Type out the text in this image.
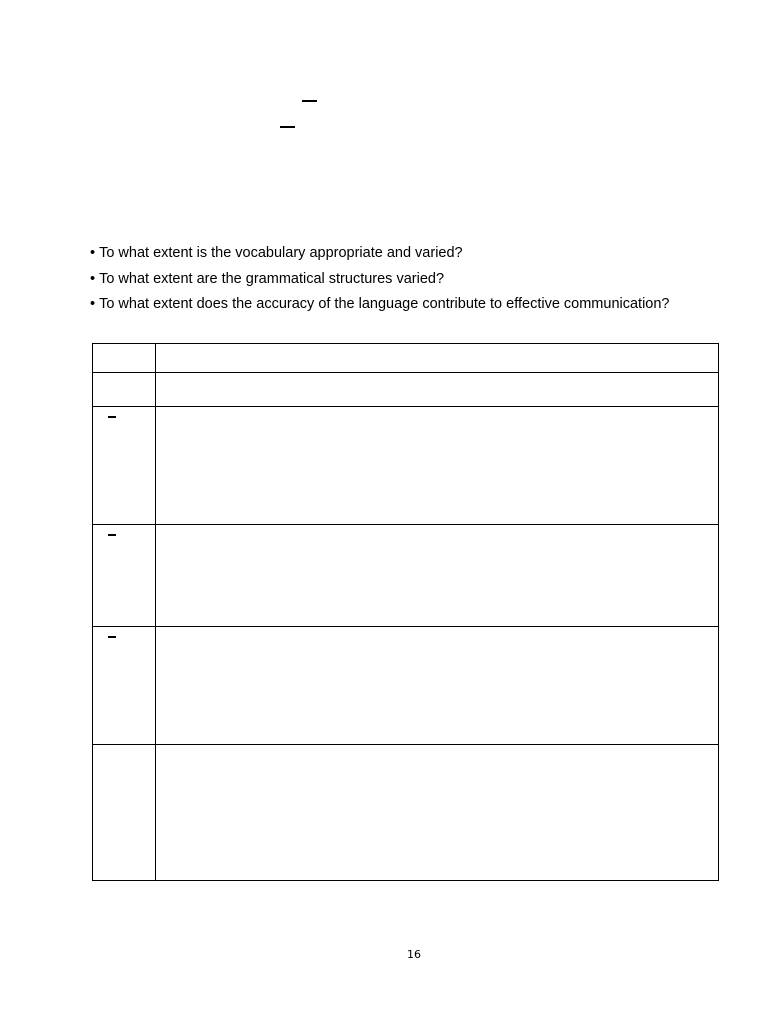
• To what extent is the vocabulary appropriate and varied?
• To what extent are the grammatical structures varied?
• To what extent does the accuracy of the language contribute to effective communication?

16
